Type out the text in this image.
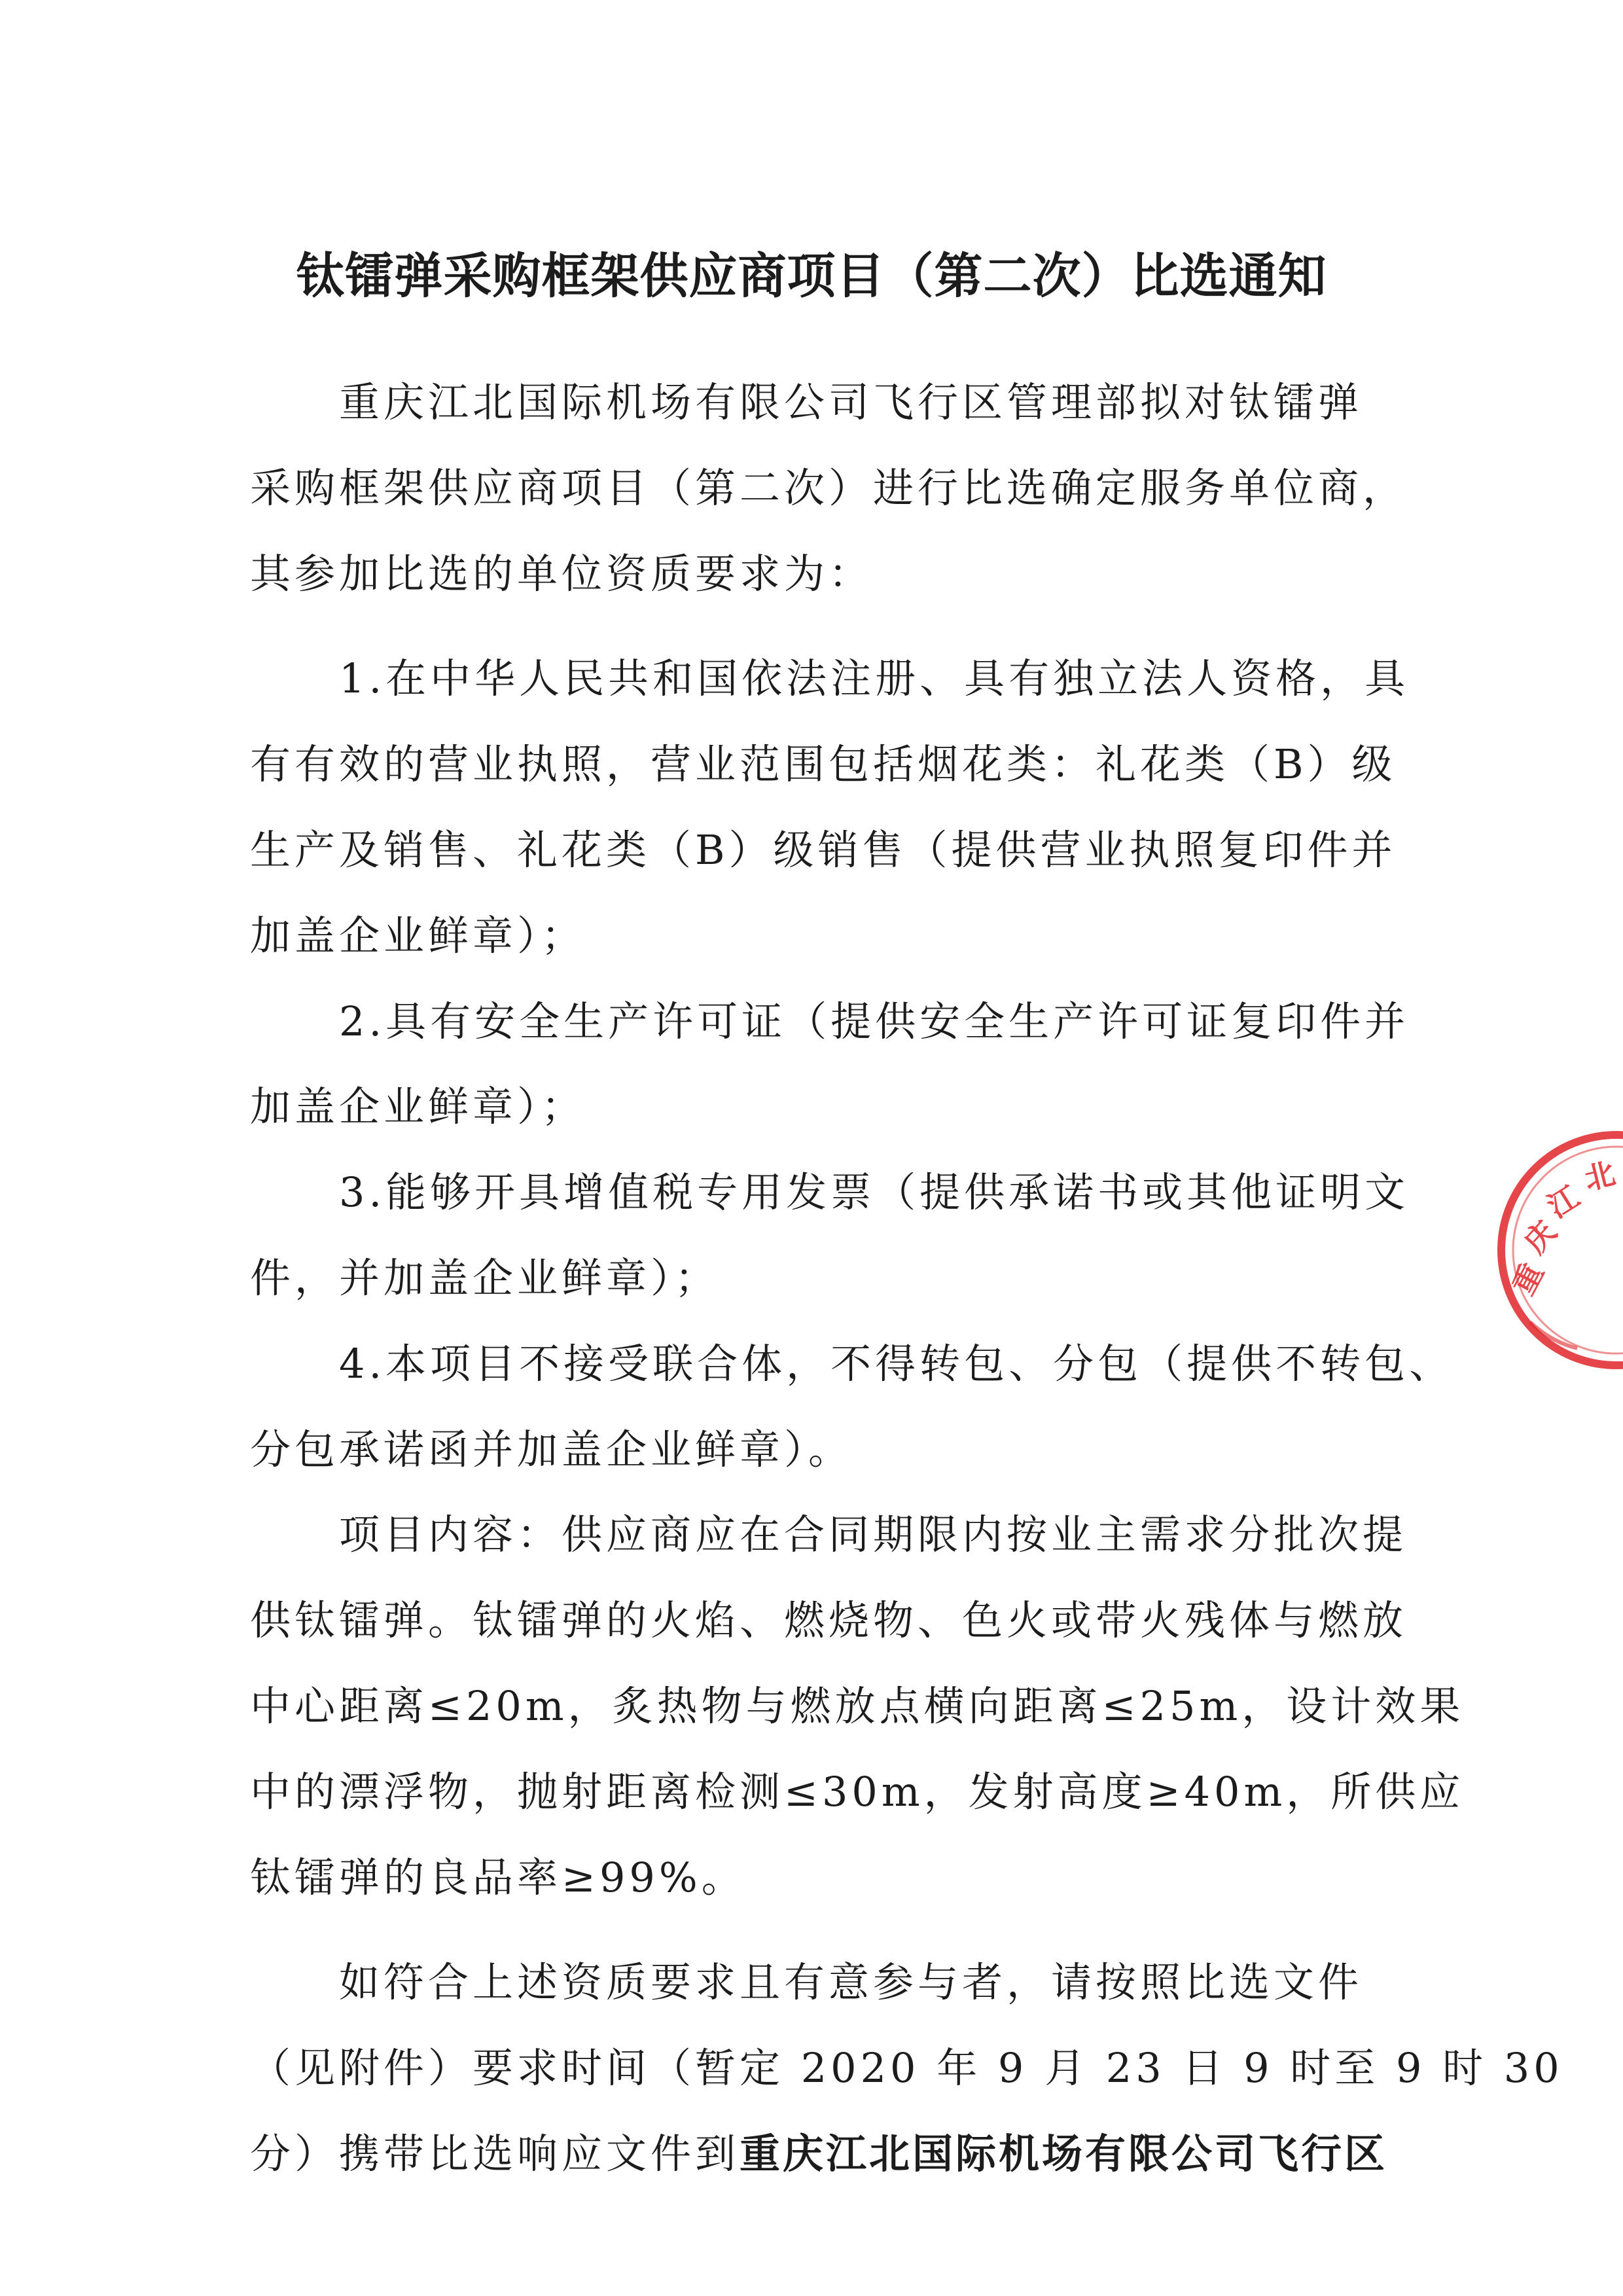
钛镭弹采购框架供应商项目（第二次）比选通知
　　重庆江北国际机场有限公司飞行区管理部拟对钛镭弹
采购框架供应商项目（第二次）进行比选确定服务单位商，
其参加比选的单位资质要求为：
　　1.在中华人民共和国依法注册、具有独立法人资格，具
有有效的营业执照，营业范围包括烟花类：礼花类（B）级
生产及销售、礼花类（B）级销售（提供营业执照复印件并
加盖企业鲜章）；
　　2.具有安全生产许可证（提供安全生产许可证复印件并
加盖企业鲜章）；
　　3.能够开具增值税专用发票（提供承诺书或其他证明文
件，并加盖企业鲜章）；
　　4.本项目不接受联合体，不得转包、分包（提供不转包、
分包承诺函并加盖企业鲜章）。
　　项目内容：供应商应在合同期限内按业主需求分批次提
供钛镭弹。钛镭弹的火焰、燃烧物、色火或带火残体与燃放
中心距离≤20m，炙热物与燃放点横向距离≤25m，设计效果
中的漂浮物，抛射距离检测≤30m，发射高度≥40m，所供应
钛镭弹的良品率≥99%。
　　如符合上述资质要求且有意参与者，请按照比选文件
（见附件）要求时间（暂定 2020 年 9 月 23 日 9 时至 9 时 30
分）携带比选响应文件到重庆江北国际机场有限公司飞行区
重
庆
江
北
